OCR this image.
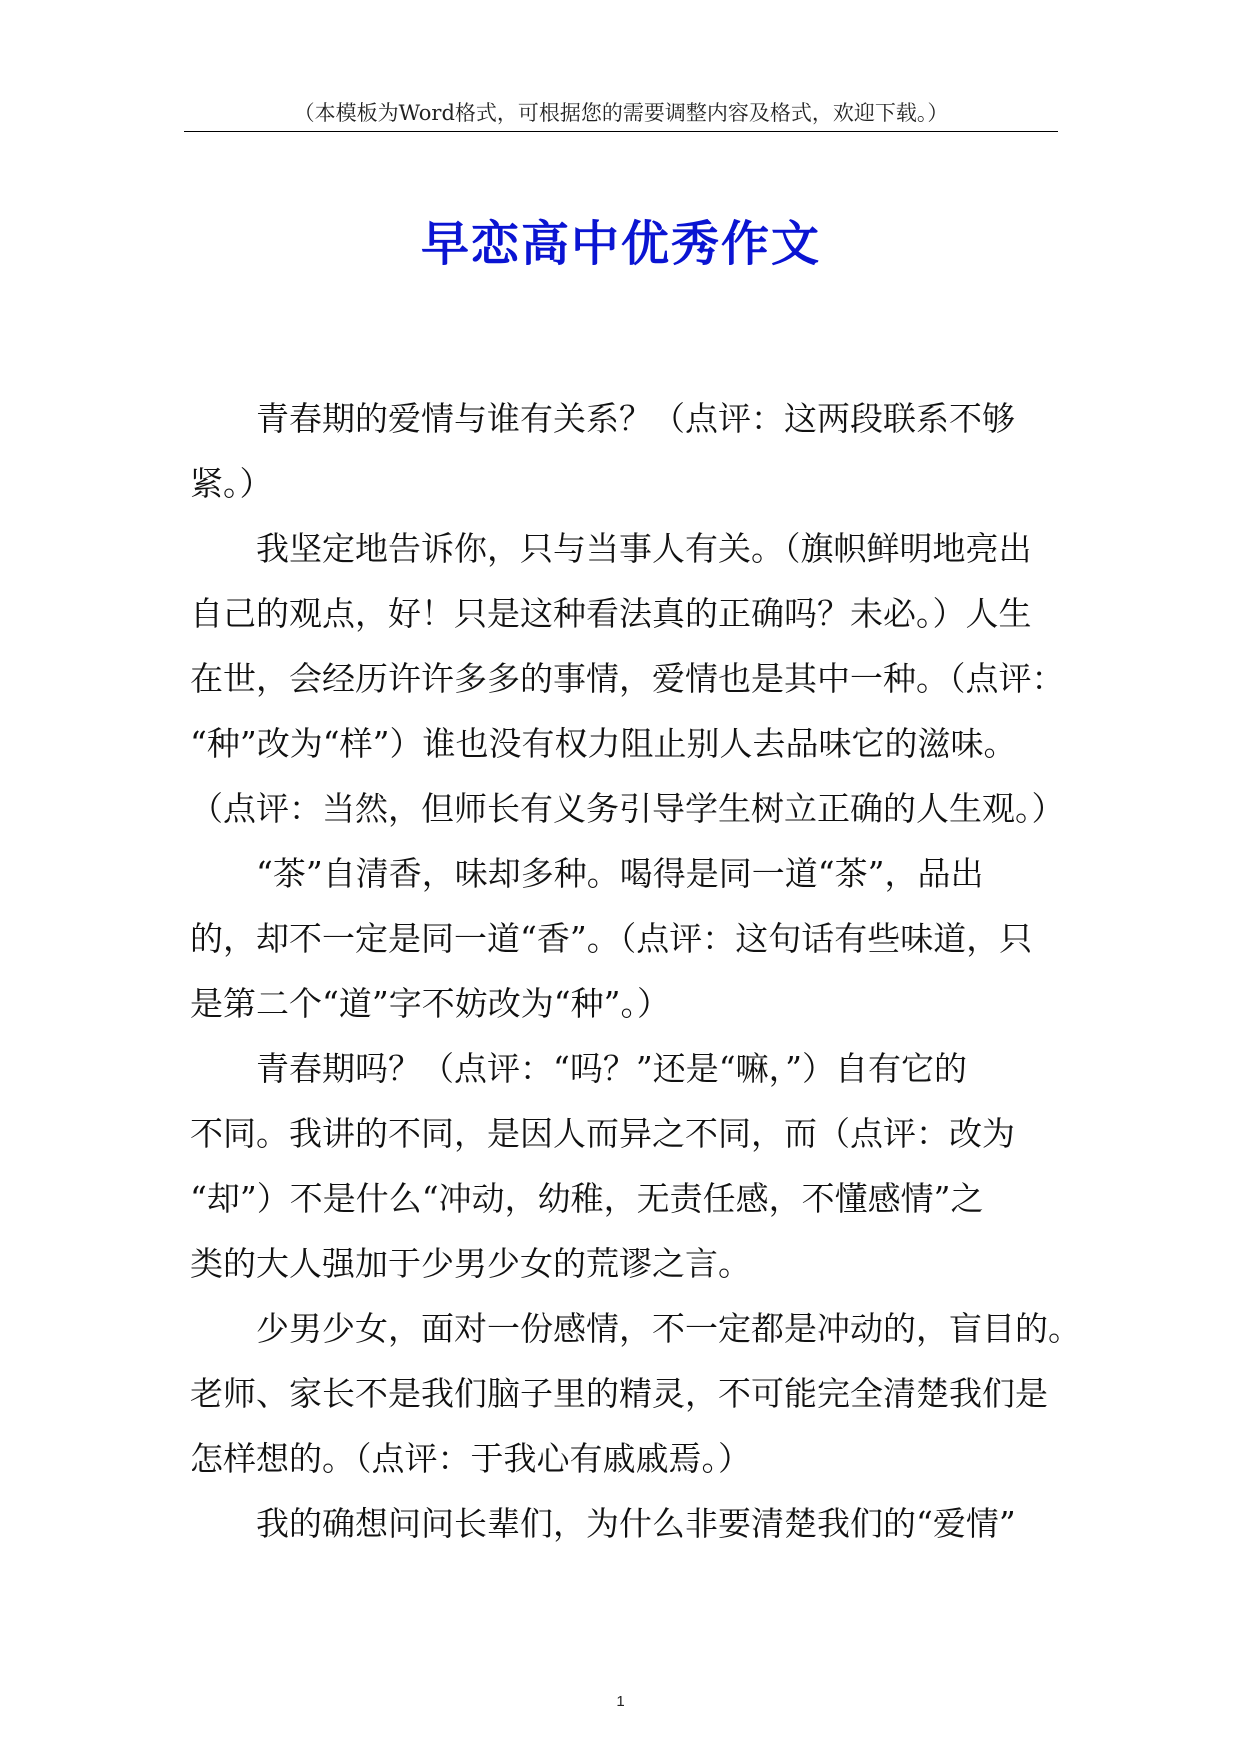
（本模板为Word格式，可根据您的需要调整内容及格式，欢迎下载。）
早恋高中优秀作文

青春期的爱情与谁有关系？（点评：这两段联系不够
紧。）

我坚定地告诉你，只与当事人有关。（旗帜鲜明地亮出
自己的观点，好！只是这种看法真的正确吗？未必。）人生
在世，会经历许许多多的事情，爱情也是其中一种。（点评：
“种”改为“样”）谁也没有权力阻止别人去品味它的滋味。
（点评：当然，但师长有义务引导学生树立正确的人生观。）

“茶”自清香，味却多种。喝得是同一道“茶”，品出
的，却不一定是同一道“香”。（点评：这句话有些味道，只
是第二个“道”字不妨改为“种”。）

青春期吗？（点评：“吗？”还是“嘛，”）自有它的
不同。我讲的不同，是因人而异之不同，而（点评：改为
“却”）不是什么“冲动，幼稚，无责任感，不懂感情”之
类的大人强加于少男少女的荒谬之言。

少男少女，面对一份感情，不一定都是冲动的，盲目的。
老师、家长不是我们脑子里的精灵，不可能完全清楚我们是
怎样想的。（点评：于我心有戚戚焉。）

我的确想问问长辈们，为什么非要清楚我们的“爱情”

1
